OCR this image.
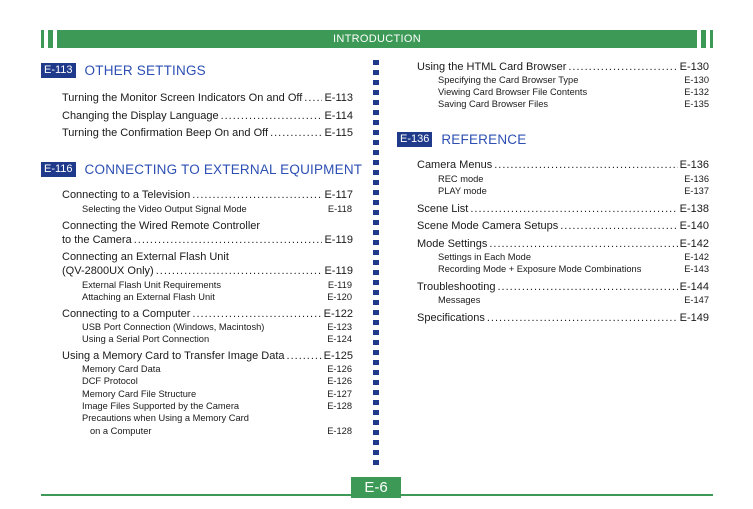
INTRODUCTION
E-113 OTHER SETTINGS
Turning the Monitor Screen Indicators On and Off ..... E-113
Changing the Display Language .....	E-114
Turning the Confirmation Beep On and Off .....	E-115
E-116 CONNECTING TO EXTERNAL EQUIPMENT
Connecting to a Television .....	E-117
Selecting the Video Output Signal Mode	E-118
Connecting the Wired Remote Controller
to the Camera .....	E-119
Connecting an External Flash Unit
(QV-2800UX Only) .....	E-119
External Flash Unit Requirements	E-119
Attaching an External Flash Unit	E-120
Connecting to a Computer .....	E-122
USB Port Connection (Windows, Macintosh)	E-123
Using a Serial Port Connection	E-124
Using a Memory Card to Transfer Image Data .....	E-125
Memory Card Data	E-126
DCF Protocol	E-126
Memory Card File Structure	E-127
Image Files Supported by the Camera	E-128
Precautions when Using a Memory Card
on a Computer	E-128
Using the HTML Card Browser .....	E-130
Specifying the Card Browser Type	E-130
Viewing Card Browser File Contents	E-132
Saving Card Browser Files	E-135
E-136 REFERENCE
Camera Menus .....	E-136
REC mode	E-136
PLAY mode	E-137
Scene List .....	E-138
Scene Mode Camera Setups .....	E-140
Mode Settings .....	E-142
Settings in Each Mode	E-142
Recording Mode + Exposure Mode Combinations	E-143
Troubleshooting .....	E-144
Messages	E-147
Specifications .....	E-149
E-6
